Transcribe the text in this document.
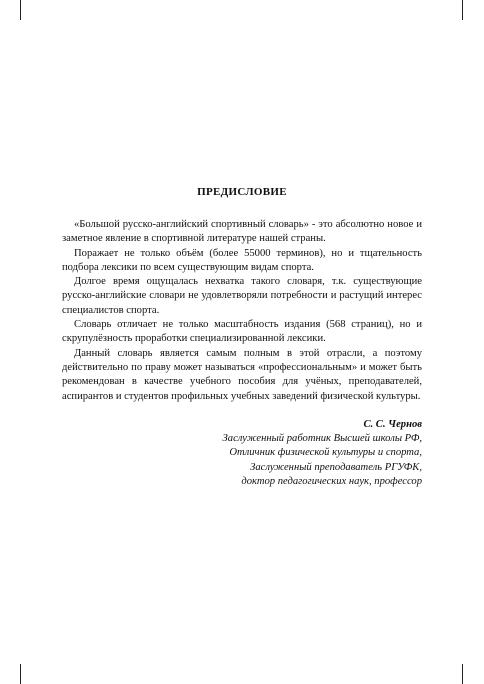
ПРЕДИСЛОВИЕ

«Большой русско-английский спортивный словарь» - это абсолютно новое и заметное явление в спортивной литературе нашей страны.

Поражает не только объём (более 55000 терминов), но и тщательность подбора лексики по всем существующим видам спорта.

Долгое время ощущалась нехватка такого словаря, т.к. существующие русско-английские словари не удовлетворяли потребности и растущий интерес специалистов спорта.

Словарь отличает не только масштабность издания (568 страниц), но и скрупулёзность проработки специализированной лексики.

Данный словарь является самым полным в этой отрасли, а поэтому действительно по праву может называться «профессиональным» и может быть рекомендован в качестве учебного пособия для учёных, преподавателей, аспирантов и студентов профильных учебных заведений физической культуры.

С. С. Чернов
Заслуженный работник Высшей школы РФ,
Отличник физической культуры и спорта,
Заслуженный преподаватель РГУФК,
доктор педагогических наук, профессор
